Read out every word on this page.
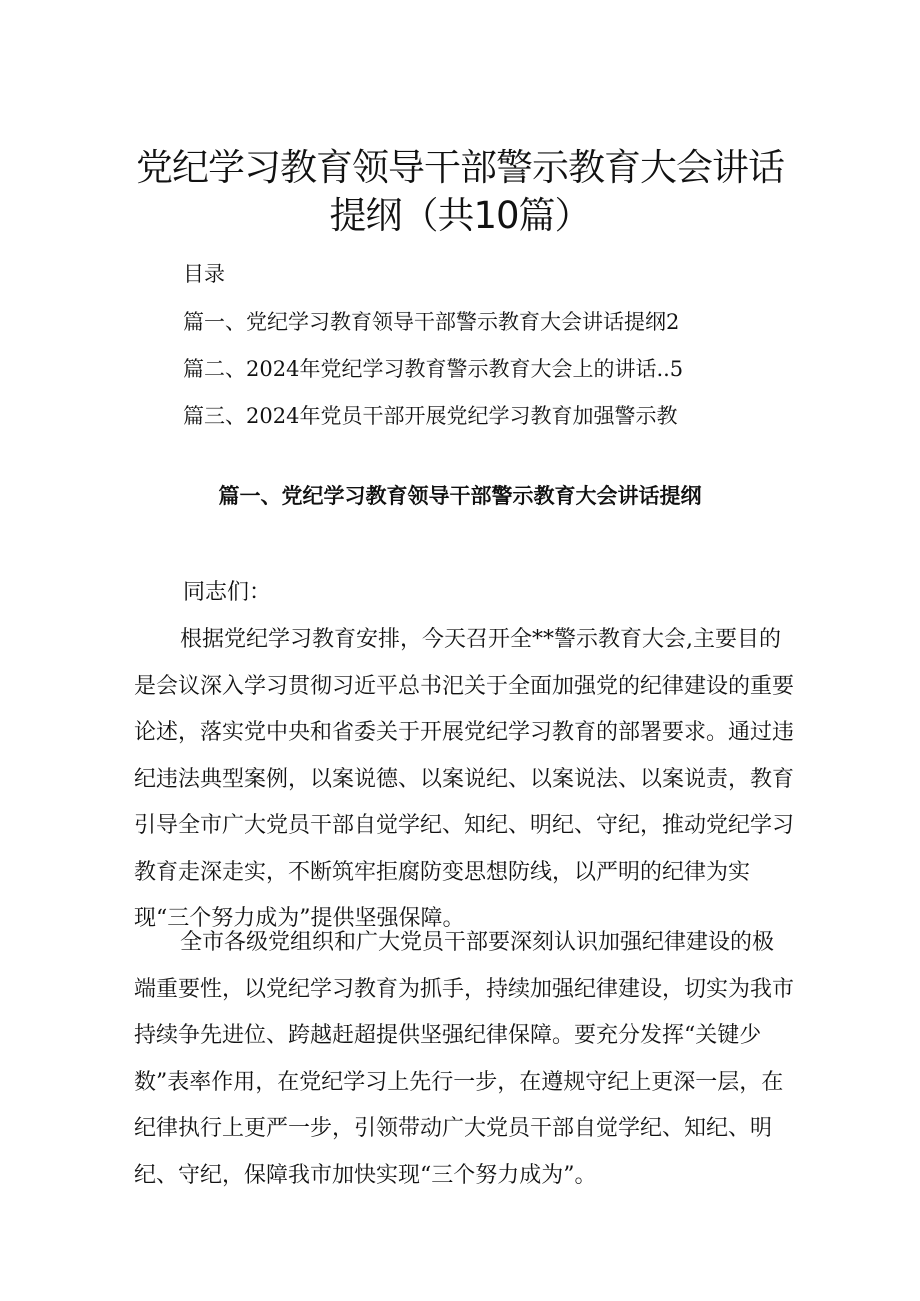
党纪学习教育领导干部警示教育大会讲话
提纲（共10篇）
目录
篇一、党纪学习教育领导干部警示教育大会讲话提纲2
篇二、2024年党纪学习教育警示教育大会上的讲话..5
篇三、2024年党员干部开展党纪学习教育加强警示教
篇一、党纪学习教育领导干部警示教育大会讲话提纲

同志们：

根据党纪学习教育安排，今天召开全**警示教育大会,主要目的是会议深入学习贯彻习近平总书汜关于全面加强党的纪律建设的重要论述，落实党中央和省委关于开展党纪学习教育的部署要求。通过违纪违法典型案例，以案说德、以案说纪、以案说法、以案说责，教育引导全市广大党员干部自觉学纪、知纪、明纪、守纪，推动党纪学习教育走深走实，不断筑牢拒腐防变思想防线，以严明的纪律为实现“三个努力成为”提供坚强保障。

全市各级党组织和广大党员干部要深刻认识加强纪律建设的极端重要性，以党纪学习教育为抓手，持续加强纪律建设，切实为我市持续争先进位、跨越赶超提供坚强纪律保障。要充分发挥“关键少数”表率作用，在党纪学习上先行一步，在遵规守纪上更深一层，在纪律执行上更严一步，引领带动广大党员干部自觉学纪、知纪、明纪、守纪，保障我市加快实现“三个努力成为”。
